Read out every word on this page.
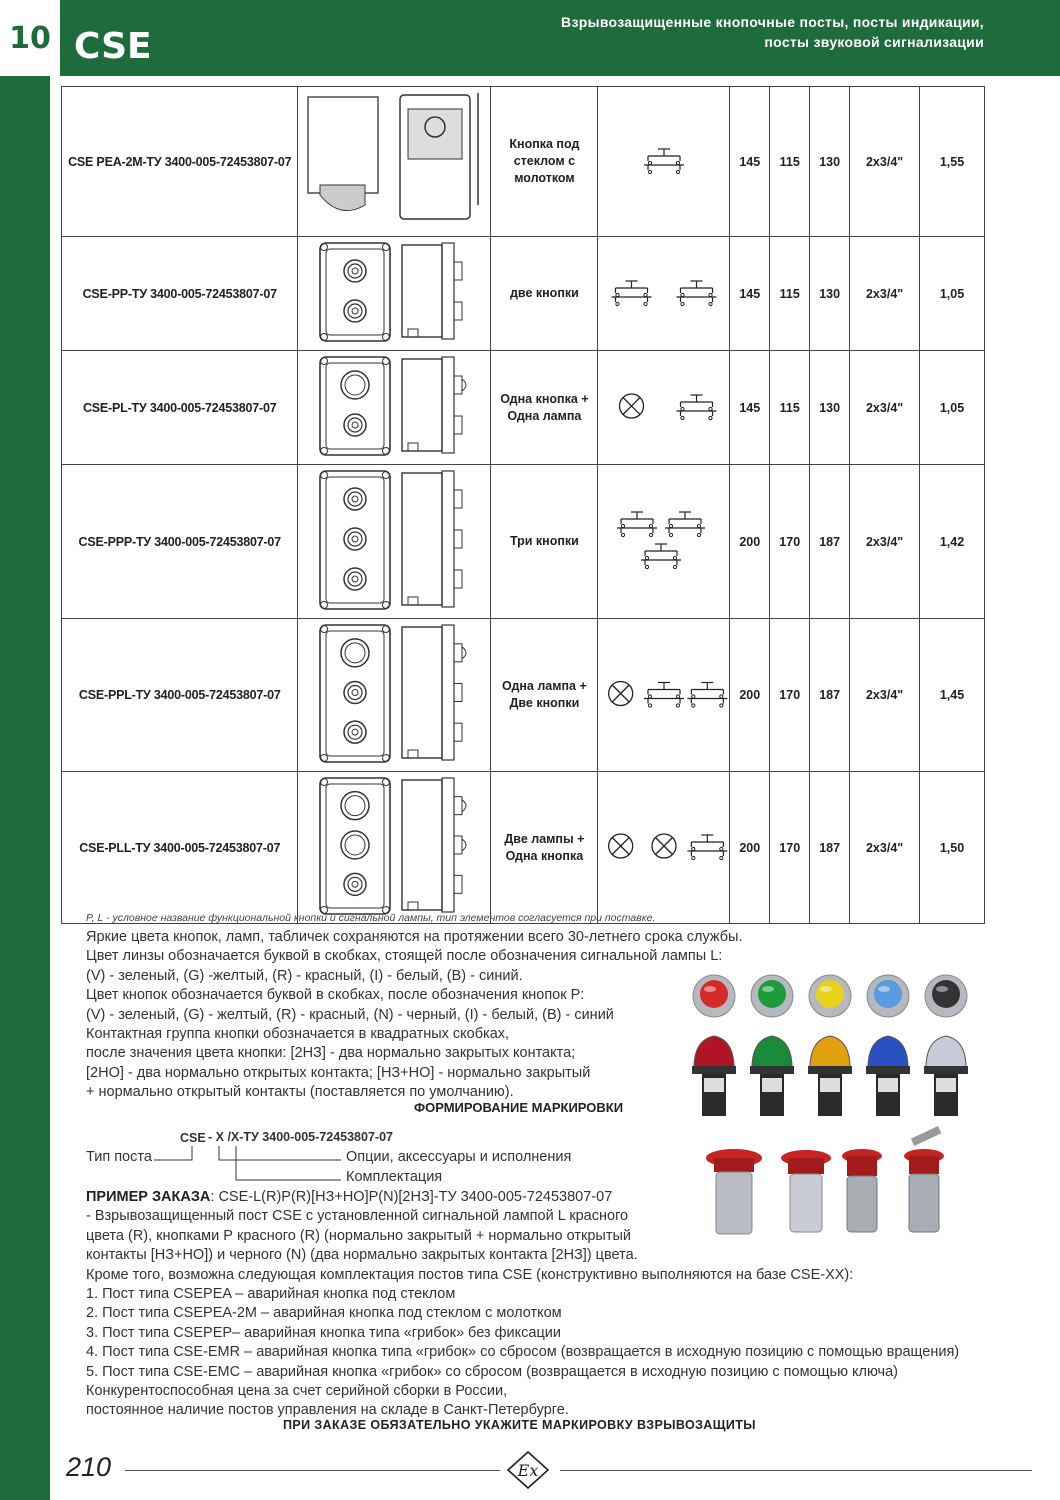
10 CSE
Взрывозащищенные кнопочные посты, посты индикации,
посты звуковой сигнализации
CSE PEA-2M-ТУ 3400-005-72453807-07		Кнопка под стеклом с молотком		145	115	130	2x3/4"	1,55
CSE-PP-ТУ 3400-005-72453807-07		две кнопки		145	115	130	2x3/4"	1,05
CSE-PL-ТУ 3400-005-72453807-07		Одна кнопка + Одна лампа		145	115	130	2x3/4"	1,05
CSE-PPP-ТУ 3400-005-72453807-07		Три кнопки		200	170	187	2x3/4"	1,42
CSE-PPL-ТУ 3400-005-72453807-07		Одна лампа + Две кнопки		200	170	187	2x3/4"	1,45
CSE-PLL-ТУ 3400-005-72453807-07		Две лампы + Одна кнопка		200	170	187	2x3/4"	1,50
P, L - условное название функциональной кнопки и сигнальной лампы, тип элементов согласуется при поставке.

Яркие цвета кнопок, ламп, табличек сохраняются на протяжении всего 30-летнего срока службы.

Цвет линзы обозначается буквой в скобках, стоящей после обозначения сигнальной лампы L:

(V) - зеленый, (G) -желтый, (R) - красный, (I) - белый, (B) - синий.

Цвет кнопок обозначается буквой в скобках, после обозначения кнопок P:

(V) - зеленый, (G) - желтый, (R) - красный, (N) - черный, (I) - белый, (B) - синий

Контактная группа кнопки обозначается в квадратных скобках,

после значения цвета кнопки: [2НЗ] - два нормально закрытых контакта;

[2НО] - два нормально открытых контакта; [НЗ+НО] - нормально закрытый

+ нормально открытый контакты (поставляется по умолчанию).

ФОРМИРОВАНИЕ МАРКИРОВКИ
CSE - X /X-ТУ 3400-005-72453807-07
Тип поста	Опции, аксессуары и исполнения
Комплектация

ПРИМЕР ЗАКАЗА: CSE-L(R)P(R)[НЗ+НО]P(N)[2НЗ]-ТУ 3400-005-72453807-07

- Взрывозащищенный пост CSE с установленной сигнальной лампой L красного

цвета (R), кнопками Р красного (R) (нормально закрытый + нормально открытый

контакты [НЗ+НО]) и черного (N) (два нормально закрытых контакта [2НЗ]) цвета.

Кроме того, возможна следующая комплектация постов типа CSE (конструктивно выполняются на базе CSE-XX):

1. Пост типа CSEPEA – аварийная кнопка под стеклом

2. Пост типа CSEPEA-2M – аварийная кнопка под стеклом с молотком

3. Пост типа CSEPEP– аварийная кнопка типа «грибок» без фиксации

4. Пост типа CSE-EMR – аварийная кнопка типа «грибок» со сбросом (возвращается в исходную позицию с помощью вращения)

5. Пост типа CSE-EMC – аварийная кнопка «грибок» со сбросом (возвращается в исходную позицию с помощью ключа)

Конкурентоспособная цена за счет серийной сборки в России,

постоянное наличие постов управления на складе в Санкт-Петербурге.

ПРИ ЗАКАЗЕ ОБЯЗАТЕЛЬНО УКАЖИТЕ МАРКИРОВКУ ВЗРЫВОЗАЩИТЫ
210	Ex
